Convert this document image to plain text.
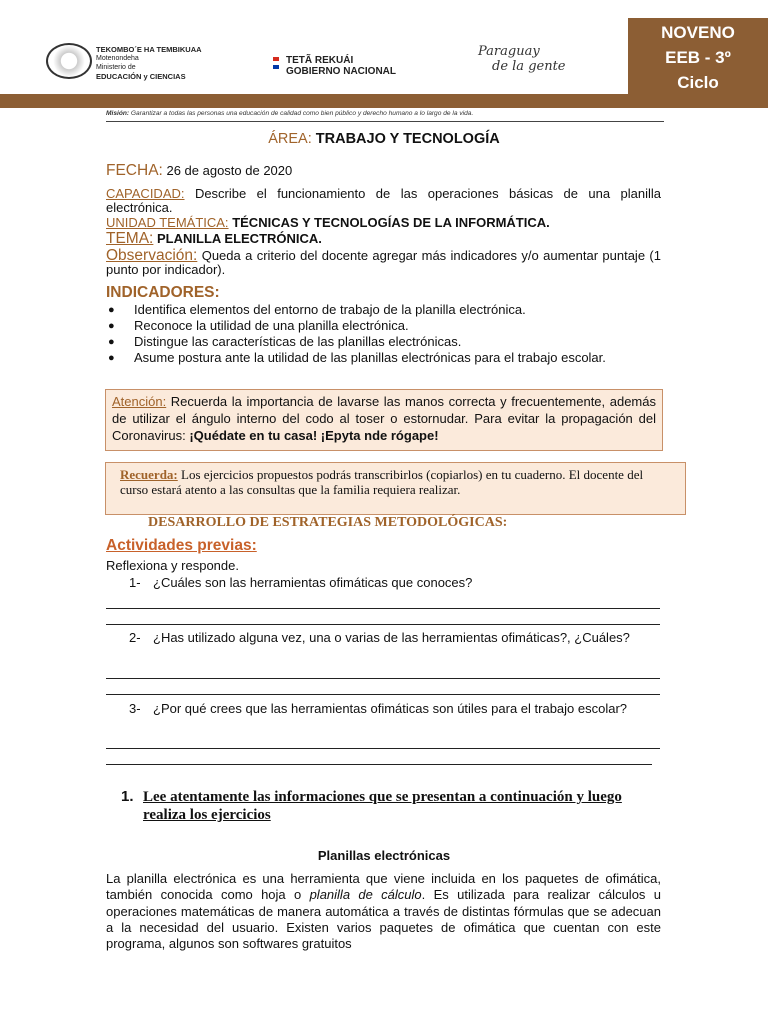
TEKOMBO´E HA TEMBIKUAA
Motenondeha
Ministerio de
EDUCACIÓN y CIENCIAS
TETÃ REKUÁI
GOBIERNO NACIONAL
Paraguay
de la gente
NOVENO
EEB - 3º
Ciclo
Misión: Garantizar a todas las personas una educación de calidad como bien público y derecho humano a lo largo de la vida.
ÁREA: TRABAJO Y TECNOLOGÍA
FECHA: 26 de agosto de 2020
CAPACIDAD: Describe el funcionamiento de las operaciones básicas de una planilla electrónica.
UNIDAD TEMÁTICA: TÉCNICAS Y TECNOLOGÍAS DE LA INFORMÁTICA.
TEMA: PLANILLA ELECTRÓNICA.
Observación: Queda a criterio del docente agregar más indicadores y/o aumentar puntaje (1 punto por indicador).
INDICADORES:
● Identifica elementos del entorno de trabajo de la planilla electrónica.
● Reconoce la utilidad de una planilla electrónica.
● Distingue las características de las planillas electrónicas.
● Asume postura ante la utilidad de las planillas electrónicas para el trabajo escolar.
Atención: Recuerda la importancia de lavarse las manos correcta y frecuentemente, además de utilizar el ángulo interno del codo al toser o estornudar. Para evitar la propagación del Coronavirus: ¡Quédate en tu casa! ¡Epyta nde rógape!
Recuerda: Los ejercicios propuestos podrás transcribirlos (copiarlos) en tu cuaderno. El docente del curso estará atento a las consultas que la familia requiera realizar.
DESARROLLO DE ESTRATEGIAS METODOLÓGICAS:
Actividades previas:
Reflexiona y responde.
1- ¿Cuáles son las herramientas ofimáticas que conoces?
2- ¿Has utilizado alguna vez, una o varias de las herramientas ofimáticas?, ¿Cuáles?
3- ¿Por qué crees que las herramientas ofimáticas son útiles para el trabajo escolar?
1. Lee atentamente las informaciones que se presentan a continuación y luego realiza los ejercicios
Planillas electrónicas
La planilla electrónica es una herramienta que viene incluida en los paquetes de ofimática, también conocida como hoja o planilla de cálculo. Es utilizada para realizar cálculos u operaciones matemáticas de manera automática a través de distintas fórmulas que se adecuan a la necesidad del usuario. Existen varios paquetes de ofimática que cuentan con este programa, algunos son softwares gratuitos
